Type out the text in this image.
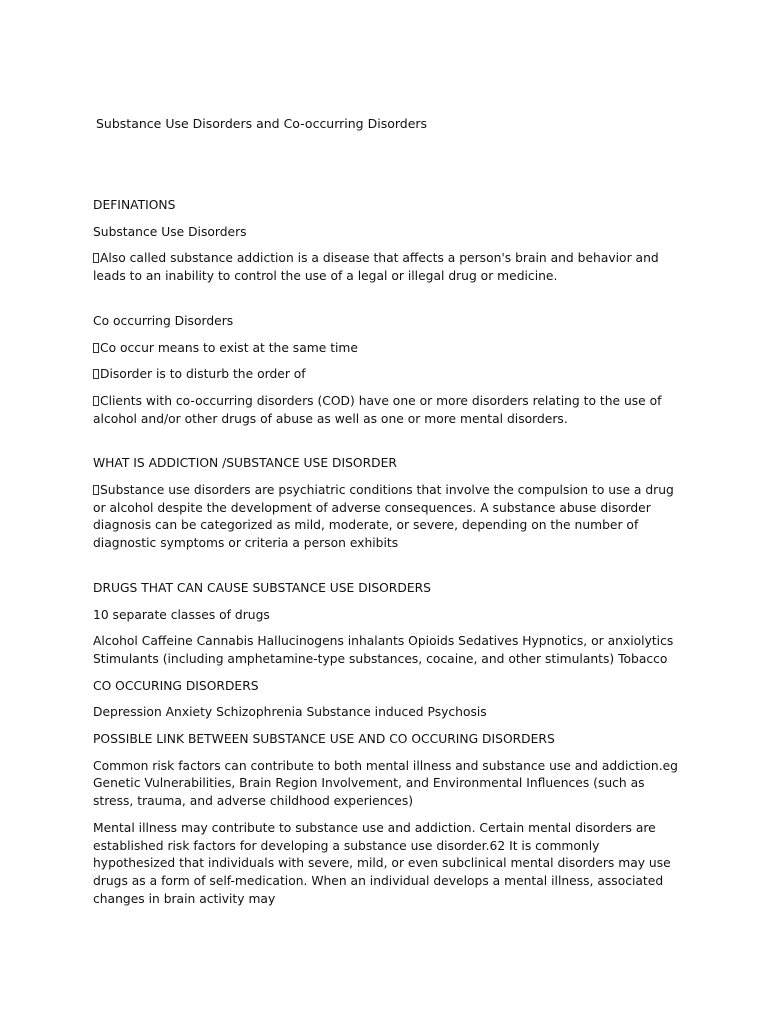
Substance Use Disorders and Co-occurring Disorders

DEFINATIONS

Substance Use Disorders

Also called substance addiction is a disease that affects a person's brain and behavior and leads to an inability to control the use of a legal or illegal drug or medicine.

Co occurring Disorders

Co occur means to exist at the same time

Disorder is to disturb the order of

Clients with co-occurring disorders (COD) have one or more disorders relating to the use of alcohol and/or other drugs of abuse as well as one or more mental disorders.

WHAT IS ADDICTION /SUBSTANCE USE DISORDER

Substance use disorders are psychiatric conditions that involve the compulsion to use a drug or alcohol despite the development of adverse consequences. A substance abuse disorder diagnosis can be categorized as mild, moderate, or severe, depending on the number of diagnostic symptoms or criteria a person exhibits

DRUGS THAT CAN CAUSE SUBSTANCE USE DISORDERS

10 separate classes of drugs

Alcohol Caffeine Cannabis Hallucinogens inhalants Opioids Sedatives Hypnotics, or anxiolytics Stimulants (including amphetamine-type substances, cocaine, and other stimulants) Tobacco

CO OCCURING DISORDERS

Depression Anxiety Schizophrenia Substance induced Psychosis

POSSIBLE LINK BETWEEN SUBSTANCE USE AND CO OCCURING DISORDERS

Common risk factors can contribute to both mental illness and substance use and addiction.eg Genetic Vulnerabilities, Brain Region Involvement, and Environmental Influences (such as stress, trauma, and adverse childhood experiences)

Mental illness may contribute to substance use and addiction. Certain mental disorders are established risk factors for developing a substance use disorder.62 It is commonly hypothesized that individuals with severe, mild, or even subclinical mental disorders may use drugs as a form of self-medication. When an individual develops a mental illness, associated changes in brain activity may
